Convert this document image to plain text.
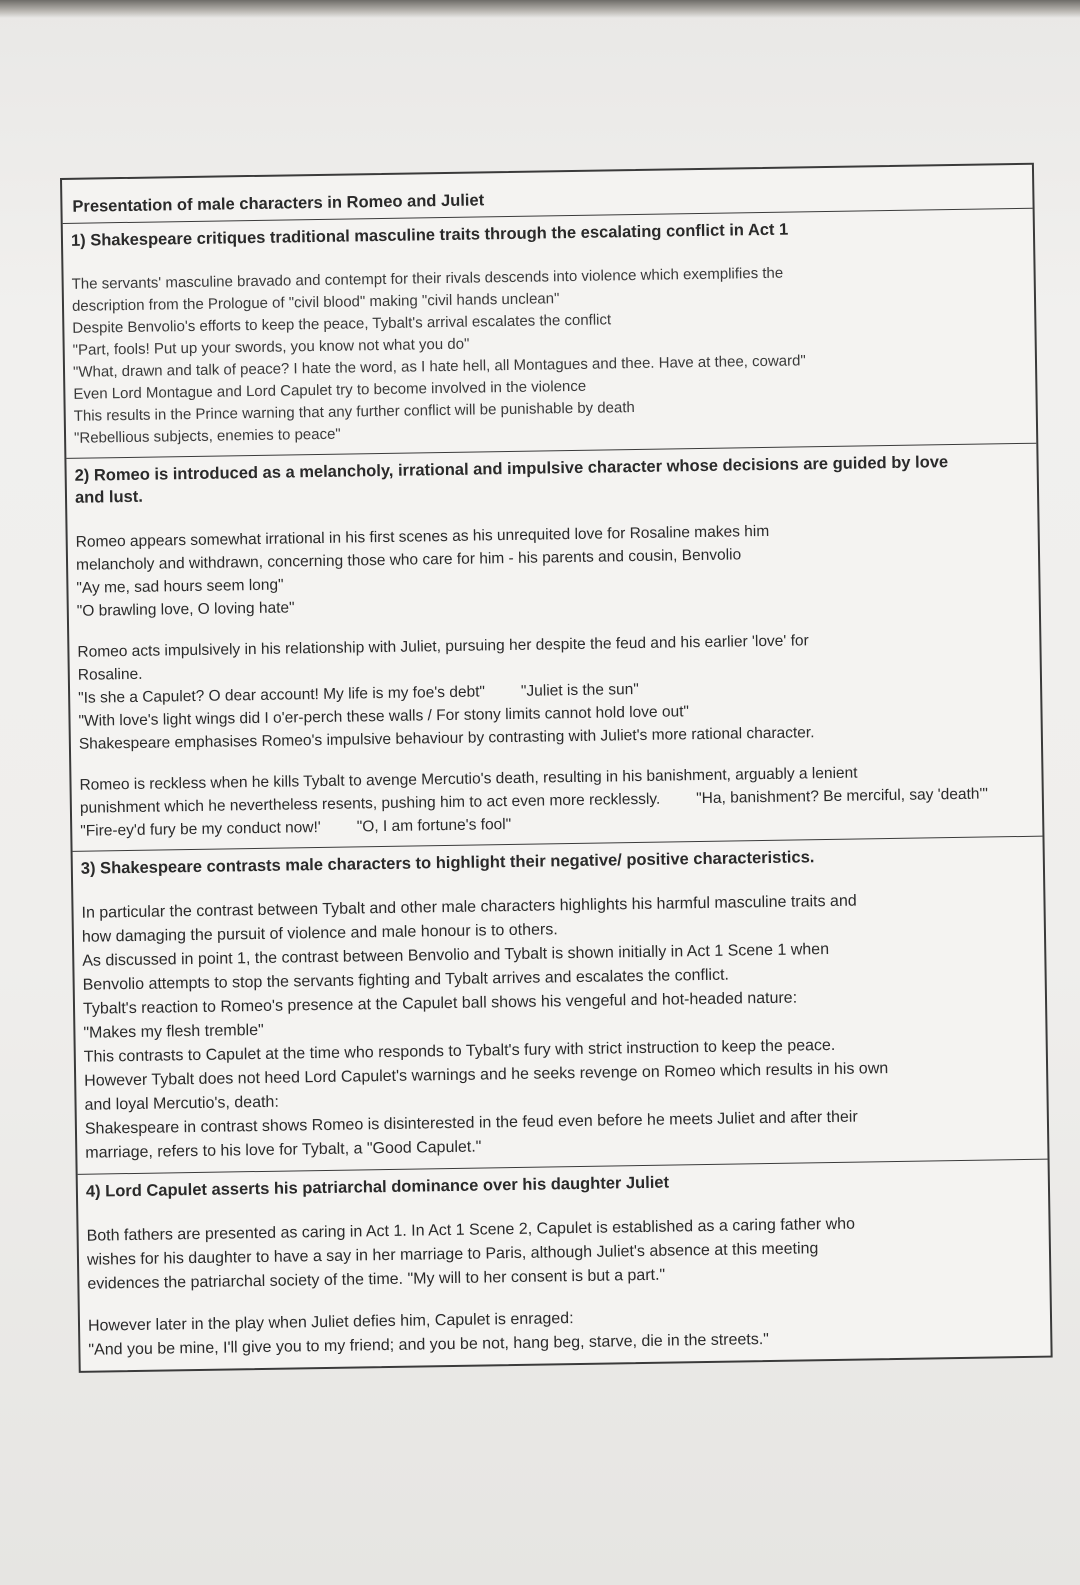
Presentation of male characters in Romeo and Juliet
1) Shakespeare critiques traditional masculine traits through the escalating conflict in Act 1
The servants' masculine bravado and contempt for their rivals descends into violence which exemplifies the
description from the Prologue of "civil blood" making "civil hands unclean"
Despite Benvolio's efforts to keep the peace, Tybalt's arrival escalates the conflict
"Part, fools! Put up your swords, you know not what you do"
"What, drawn and talk of peace? I hate the word, as I hate hell, all Montagues and thee. Have at thee, coward"
Even Lord Montague and Lord Capulet try to become involved in the violence
This results in the Prince warning that any further conflict will be punishable by death
"Rebellious subjects, enemies to peace"
2) Romeo is introduced as a melancholy, irrational and impulsive character whose decisions are guided by love
and lust.
Romeo appears somewhat irrational in his first scenes as his unrequited love for Rosaline makes him
melancholy and withdrawn, concerning those who care for him - his parents and cousin, Benvolio
"Ay me, sad hours seem long"
"O brawling love, O loving hate"
Romeo acts impulsively in his relationship with Juliet, pursuing her despite the feud and his earlier 'love' for
Rosaline.
"Is she a Capulet? O dear account! My life is my foe's debt" "Juliet is the sun"
"With love's light wings did I o'er-perch these walls / For stony limits cannot hold love out"
Shakespeare emphasises Romeo's impulsive behaviour by contrasting with Juliet's more rational character.
Romeo is reckless when he kills Tybalt to avenge Mercutio's death, resulting in his banishment, arguably a lenient
punishment which he nevertheless resents, pushing him to act even more recklessly. "Ha, banishment? Be merciful, say 'death'"
"Fire-ey'd fury be my conduct now!' "O, I am fortune's fool"
3) Shakespeare contrasts male characters to highlight their negative/ positive characteristics.
In particular the contrast between Tybalt and other male characters highlights his harmful masculine traits and
how damaging the pursuit of violence and male honour is to others.
As discussed in point 1, the contrast between Benvolio and Tybalt is shown initially in Act 1 Scene 1 when
Benvolio attempts to stop the servants fighting and Tybalt arrives and escalates the conflict.
Tybalt's reaction to Romeo's presence at the Capulet ball shows his vengeful and hot-headed nature:
"Makes my flesh tremble"
This contrasts to Capulet at the time who responds to Tybalt's fury with strict instruction to keep the peace.
However Tybalt does not heed Lord Capulet's warnings and he seeks revenge on Romeo which results in his own
and loyal Mercutio's, death:
Shakespeare in contrast shows Romeo is disinterested in the feud even before he meets Juliet and after their
marriage, refers to his love for Tybalt, a "Good Capulet."
4) Lord Capulet asserts his patriarchal dominance over his daughter Juliet
Both fathers are presented as caring in Act 1. In Act 1 Scene 2, Capulet is established as a caring father who
wishes for his daughter to have a say in her marriage to Paris, although Juliet's absence at this meeting
evidences the patriarchal society of the time. "My will to her consent is but a part."
However later in the play when Juliet defies him, Capulet is enraged:
"And you be mine, I'll give you to my friend; and you be not, hang beg, starve, die in the streets."
